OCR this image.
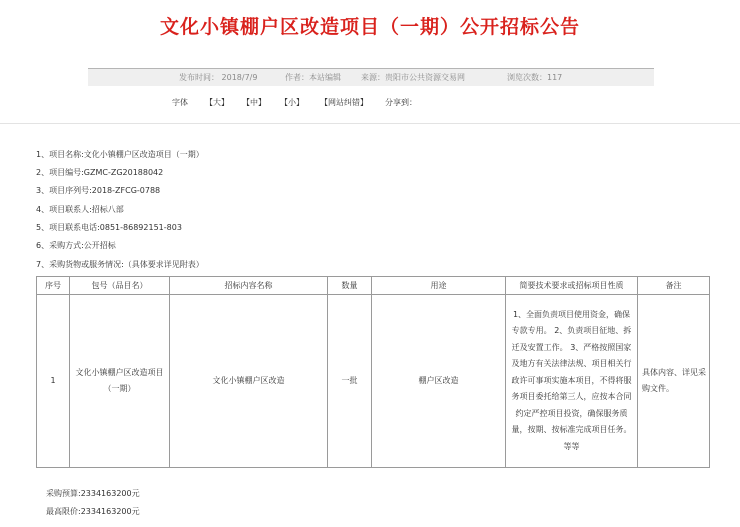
文化小镇棚户区改造项目（一期）公开招标公告
发布时间： 2018/7/9	作者：本站编辑	来源：贵阳市公共资源交易网	浏览次数：117
字体 【大】 【中】 【小】 【网站纠错】 分享到：
1、项目名称:文化小镇棚户区改造项目（一期）
2、项目编号:GZMC-ZG20188042
3、项目序列号:2018-ZFCG-0788
4、项目联系人:招标八部
5、项目联系电话:0851-86892151-803
6、采购方式:公开招标
7、采购货物或服务情况:（具体要求详见附表）
序号	包号（品目名）	招标内容名称	数量	用途	简要技术要求或招标项目性质	备注
1	文化小镇棚户区改造项目（一期）	文化小镇棚户区改造	一批	棚户区改造	1、全面负责项目使用资金，确保专款专用。 2、负责项目征地、拆迁及安置工作。 3、严格按照国家及地方有关法律法规、项目相关行政许可事项实施本项目，不得将服务项目委托给第三人，应按本合同约定严控项目投资，确保服务质量，按期、按标准完成项目任务。等等	具体内容、详见采购文件。
采购预算:2334163200元
最高限价:2334163200元
